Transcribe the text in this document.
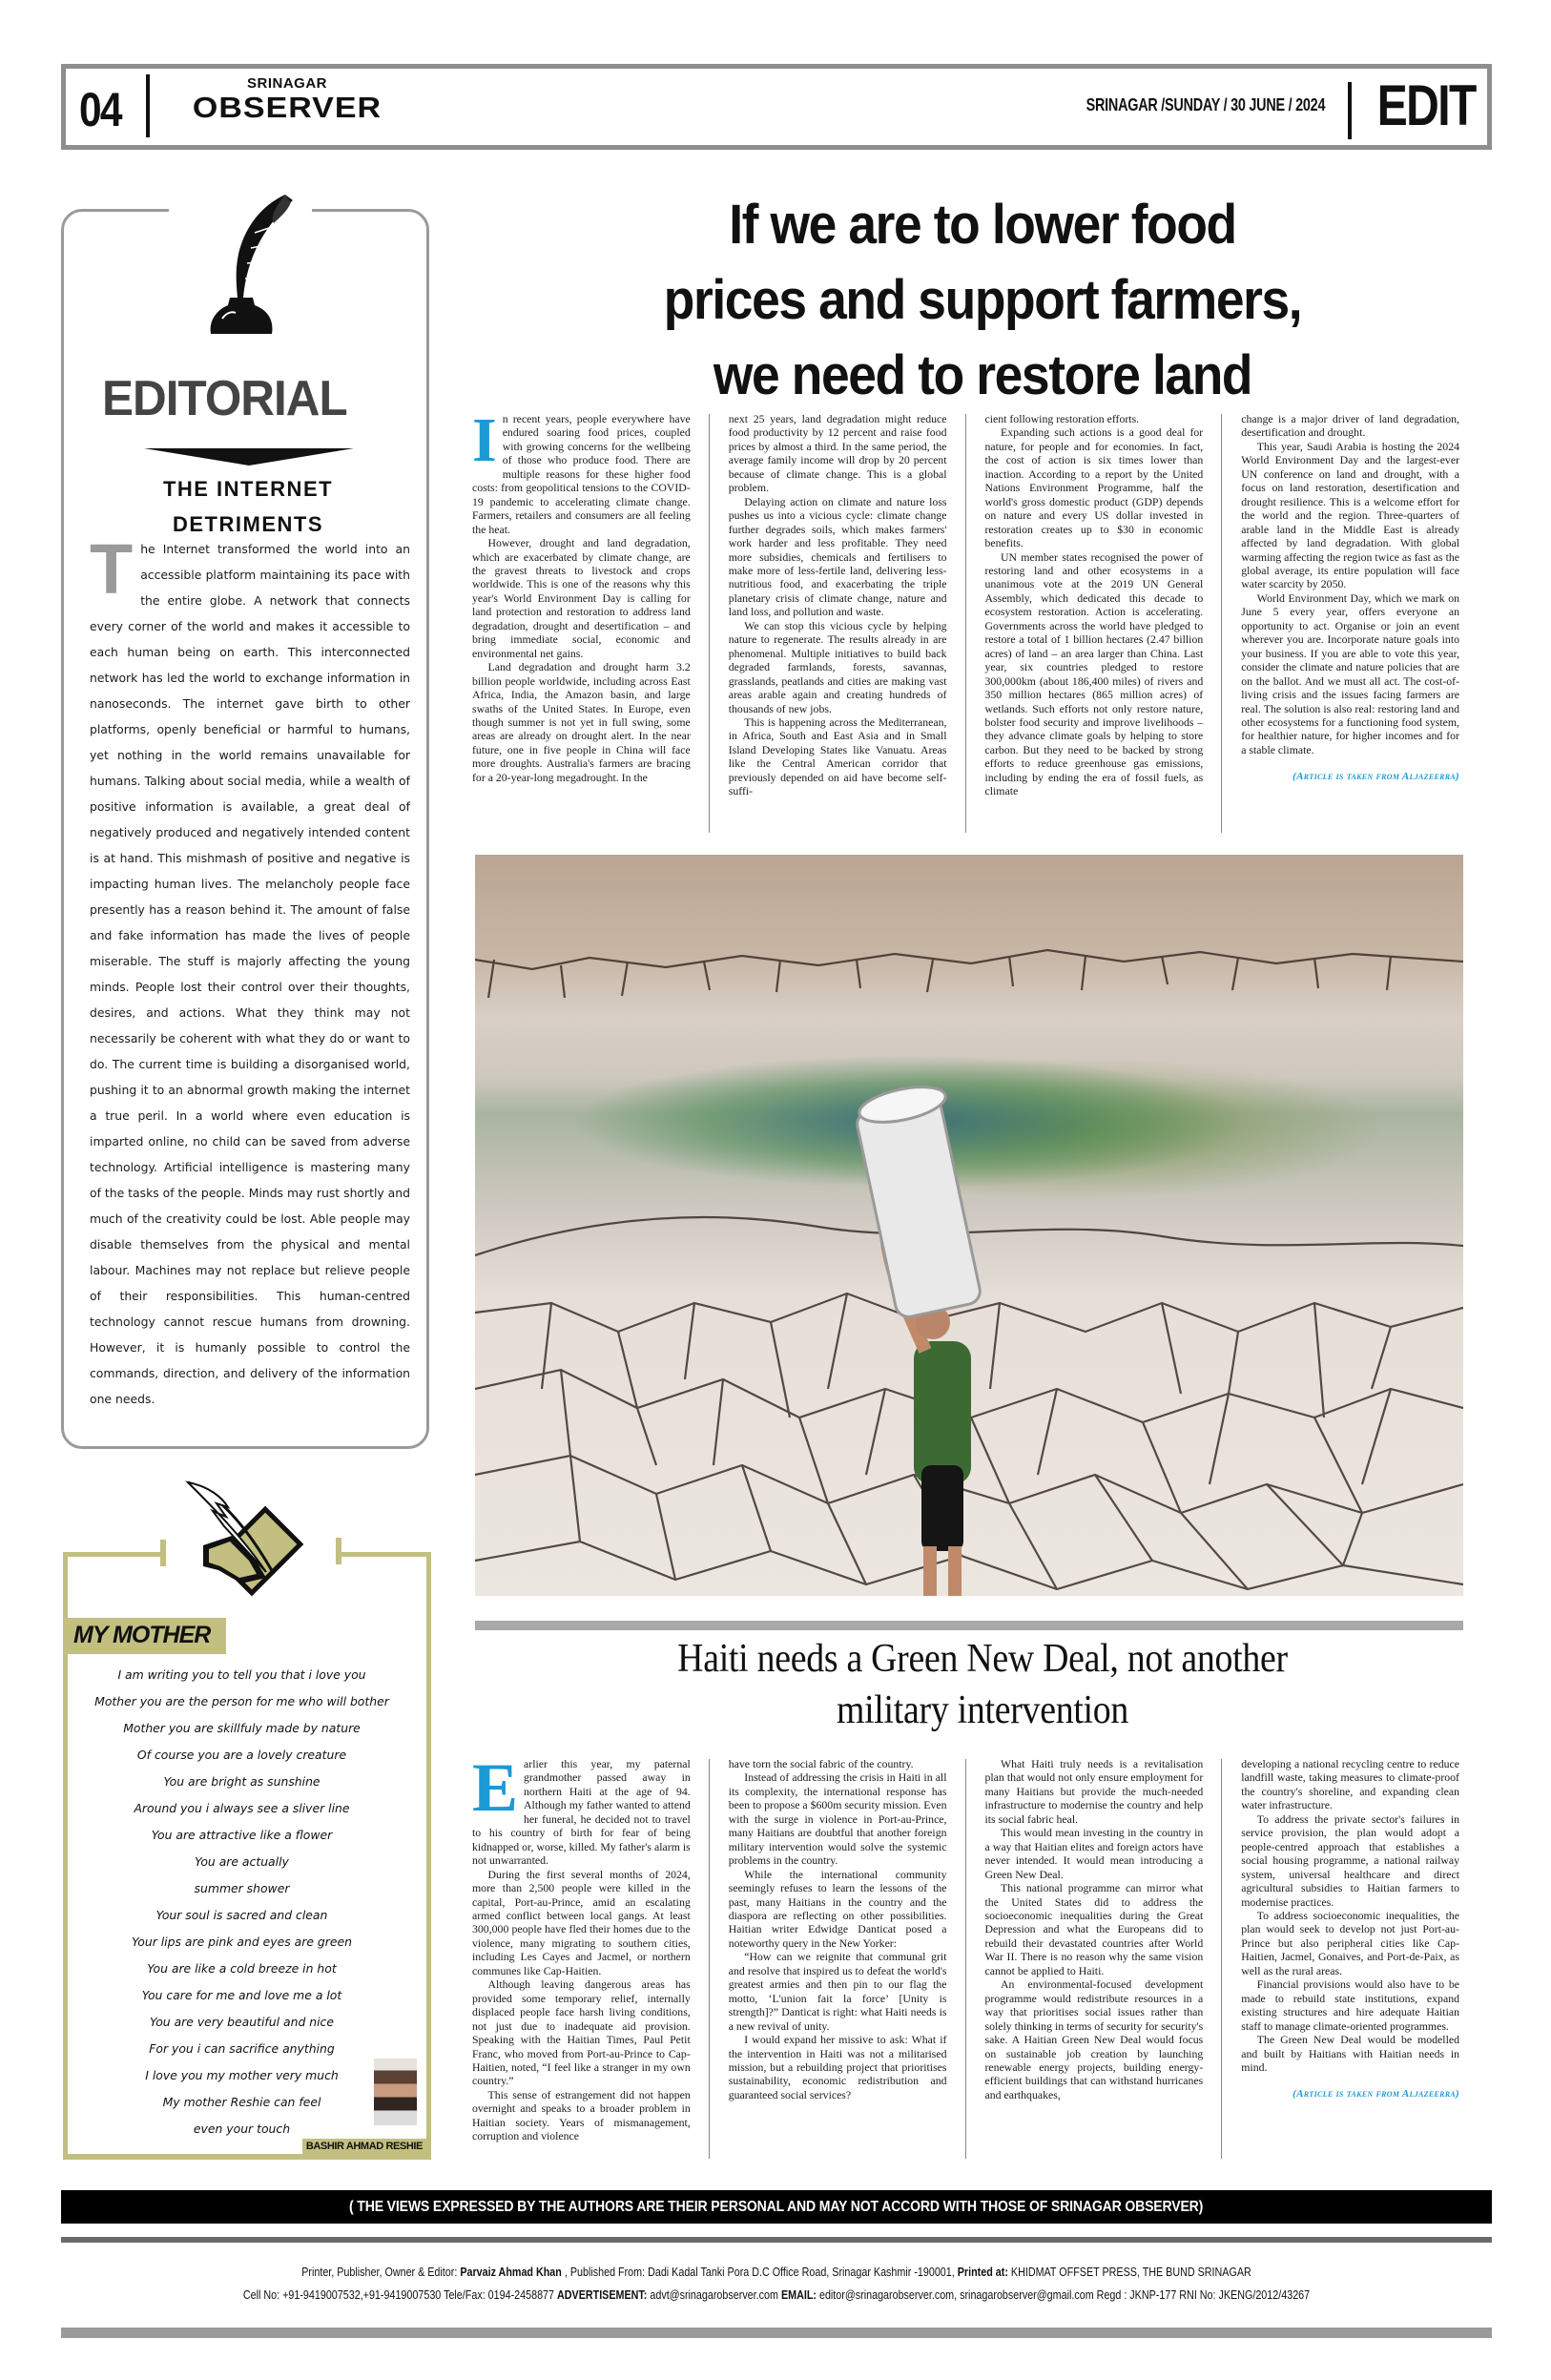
04	SRINAGAR
OBSERVER	SRINAGAR /SUNDAY / 30 JUNE / 2024 EDIT
EDITORIAL
THE INTERNET
DETRIMENTS
T he Internet transformed the world into an accessible platform maintaining its pace with the entire globe. A network that connects every corner of the world and makes it accessible to each human being on earth. This interconnected network has led the world to exchange information in nanoseconds. The internet gave birth to other platforms, openly beneficial or harmful to humans, yet nothing in the world remains unavailable for humans. Talking about social media, while a wealth of positive information is available, a great deal of negatively produced and negatively intended content is at hand. This mishmash of positive and negative is impacting human lives. The melancholy people face presently has a reason behind it. The amount of false and fake information has made the lives of people miserable. The stuff is majorly affecting the young minds. People lost their control over their thoughts, desires, and actions. What they think may not necessarily be coherent with what they do or want to do. The current time is building a disorganised world, pushing it to an abnormal growth making the internet a true peril. In a world where even education is imparted online, no child can be saved from adverse technology. Artificial intelligence is mastering many of the tasks of the people. Minds may rust shortly and much of the creativity could be lost. Able people may disable themselves from the physical and mental labour. Machines may not replace but relieve people of their responsibilities. This human-centred technology cannot rescue humans from drowning. However, it is humanly possible to control the commands, direction, and delivery of the information one needs.
MY MOTHER
I am writing you to tell you that i love you
Mother you are the person for me who will bother
Mother you are skillfuly made by nature
Of course you are a lovely creature
You are bright as sunshine
Around you i always see a sliver line
You are attractive like a flower
You are actually
summer shower
Your soul is sacred and clean
Your lips are pink and eyes are green
You are like a cold breeze in hot
You care for me and love me a lot
You are very beautiful and nice
For you i can sacrifice anything
I love you my mother very much
My mother Reshie can feel
even your touch
BASHIR AHMAD RESHIE
If we are to lower food
prices and support farmers,
we need to restore land
I n recent years, people everywhere have endured soaring food prices, coupled with growing concerns for the wellbeing of those who produce food. There are multiple reasons for these higher food costs: from geopolitical tensions to the COVID-19 pandemic to accelerating climate change. Farmers, retailers and consumers are all feeling the heat.

However, drought and land degradation, which are exacerbated by climate change, are the gravest threats to livestock and crops worldwide. This is one of the reasons why this year's World Environment Day is calling for land protection and restoration to address land degradation, drought and desertification – and bring immediate social, economic and environmental net gains.

Land degradation and drought harm 3.2 billion people worldwide, including across East Africa, India, the Amazon basin, and large swaths of the United States. In Europe, even though summer is not yet in full swing, some areas are already on drought alert. In the near future, one in five people in China will face more droughts. Australia's farmers are bracing for a 20-year-long megadrought. In the

next 25 years, land degradation might reduce food productivity by 12 percent and raise food prices by almost a third. In the same period, the average family income will drop by 20 percent because of climate change. This is a global problem.

Delaying action on climate and nature loss pushes us into a vicious cycle: climate change further degrades soils, which makes farmers' work harder and less profitable. They need more subsidies, chemicals and fertilisers to make more of less-fertile land, delivering less-nutritious food, and exacerbating the triple planetary crisis of climate change, nature and land loss, and pollution and waste.

We can stop this vicious cycle by helping nature to regenerate. The results already in are phenomenal. Multiple initiatives to build back degraded farmlands, forests, savannas, grasslands, peatlands and cities are making vast areas arable again and creating hundreds of thousands of new jobs.

This is happening across the Mediterranean, in Africa, South and East Asia and in Small Island Developing States like Vanuatu. Areas like the Central American corridor that previously depended on aid have become self-suffi-

cient following restoration efforts.

Expanding such actions is a good deal for nature, for people and for economies. In fact, the cost of action is six times lower than inaction. According to a report by the United Nations Environment Programme, half the world's gross domestic product (GDP) depends on nature and every US dollar invested in restoration creates up to $30 in economic benefits.

UN member states recognised the power of restoring land and other ecosystems in a unanimous vote at the 2019 UN General Assembly, which dedicated this decade to ecosystem restoration. Action is accelerating. Governments across the world have pledged to restore a total of 1 billion hectares (2.47 billion acres) of land – an area larger than China. Last year, six countries pledged to restore 300,000km (about 186,400 miles) of rivers and 350 million hectares (865 million acres) of wetlands. Such efforts not only restore nature, bolster food security and improve livelihoods – they advance climate goals by helping to store carbon. But they need to be backed by strong efforts to reduce greenhouse gas emissions, including by ending the era of fossil fuels, as climate

change is a major driver of land degradation, desertification and drought.

This year, Saudi Arabia is hosting the 2024 World Environment Day and the largest-ever UN conference on land and drought, with a focus on land restoration, desertification and drought resilience. This is a welcome effort for the world and the region. Three-quarters of arable land in the Middle East is already affected by land degradation. With global warming affecting the region twice as fast as the global average, its entire population will face water scarcity by 2050.

World Environment Day, which we mark on June 5 every year, offers everyone an opportunity to act. Organise or join an event wherever you are. Incorporate nature goals into your business. If you are able to vote this year, consider the climate and nature policies that are on the ballot. And we must all act. The cost-of-living crisis and the issues facing farmers are real. The solution is also real: restoring land and other ecosystems for a functioning food system, for healthier nature, for higher incomes and for a stable climate.

(Article is taken from Aljazeerra)
Haiti needs a Green New Deal, not another
military intervention
E arlier this year, my paternal grandmother passed away in northern Haiti at the age of 94. Although my father wanted to attend her funeral, he decided not to travel to his country of birth for fear of being kidnapped or, worse, killed. My father's alarm is not unwarranted.

During the first several months of 2024, more than 2,500 people were killed in the capital, Port-au-Prince, amid an escalating armed conflict between local gangs. At least 300,000 people have fled their homes due to the violence, many migrating to southern cities, including Les Cayes and Jacmel, or northern communes like Cap-Haitien.

Although leaving dangerous areas has provided some temporary relief, internally displaced people face harsh living conditions, not just due to inadequate aid provision. Speaking with the Haitian Times, Paul Petit Franc, who moved from Port-au-Prince to Cap-Haitien, noted, “I feel like a stranger in my own country.”

This sense of estrangement did not happen overnight and speaks to a broader problem in Haitian society. Years of mismanagement, corruption and violence

have torn the social fabric of the country.

Instead of addressing the crisis in Haiti in all its complexity, the international response has been to propose a $600m security mission. Even with the surge in violence in Port-au-Prince, many Haitians are doubtful that another foreign military intervention would solve the systemic problems in the country.

While the international community seemingly refuses to learn the lessons of the past, many Haitians in the country and the diaspora are reflecting on other possibilities. Haitian writer Edwidge Danticat posed a noteworthy query in the New Yorker:

“How can we reignite that communal grit and resolve that inspired us to defeat the world's greatest armies and then pin to our flag the motto, ‘L'union fait la force’ [Unity is strength]?” Danticat is right: what Haiti needs is a new revival of unity.

I would expand her missive to ask: What if the intervention in Haiti was not a militarised mission, but a rebuilding project that prioritises sustainability, economic redistribution and guaranteed social services?

What Haiti truly needs is a revitalisation plan that would not only ensure employment for many Haitians but provide the much-needed infrastructure to modernise the country and help its social fabric heal.

This would mean investing in the country in a way that Haitian elites and foreign actors have never intended. It would mean introducing a Green New Deal.

This national programme can mirror what the United States did to address the socioeconomic inequalities during the Great Depression and what the Europeans did to rebuild their devastated countries after World War II. There is no reason why the same vision cannot be applied to Haiti.

An environmental-focused development programme would redistribute resources in a way that prioritises social issues rather than solely thinking in terms of security for security's sake. A Haitian Green New Deal would focus on sustainable job creation by launching renewable energy projects, building energy-efficient buildings that can withstand hurricanes and earthquakes,

developing a national recycling centre to reduce landfill waste, taking measures to climate-proof the country's shoreline, and expanding clean water infrastructure.

To address the private sector's failures in service provision, the plan would adopt a people-centred approach that establishes a social housing programme, a national railway system, universal healthcare and direct agricultural subsidies to Haitian farmers to modernise practices.

To address socioeconomic inequalities, the plan would seek to develop not just Port-au-Prince but also peripheral cities like Cap-Haitien, Jacmel, Gonaives, and Port-de-Paix, as well as the rural areas.

Financial provisions would also have to be made to rebuild state institutions, expand existing structures and hire adequate Haitian staff to manage climate-oriented programmes.

The Green New Deal would be modelled and built by Haitians with Haitian needs in mind.

(Article is taken from Aljazeerra)
( THE VIEWS EXPRESSED BY THE AUTHORS ARE THEIR PERSONAL AND MAY NOT ACCORD WITH THOSE OF SRINAGAR OBSERVER)
Printer, Publisher, Owner & Editor: Parvaiz Ahmad Khan , Published From: Dadi Kadal Tanki Pora D.C Office Road, Srinagar Kashmir -190001, Printed at: KHIDMAT OFFSET PRESS, THE BUND SRINAGAR
Cell No: +91-9419007532,+91-9419007530 Tele/Fax: 0194-2458877 ADVERTISEMENT: advt@srinagarobserver.com EMAIL: editor@srinagarobserver.com, srinagarobserver@gmail.com Regd : JKNP-177 RNI No: JKENG/2012/43267
